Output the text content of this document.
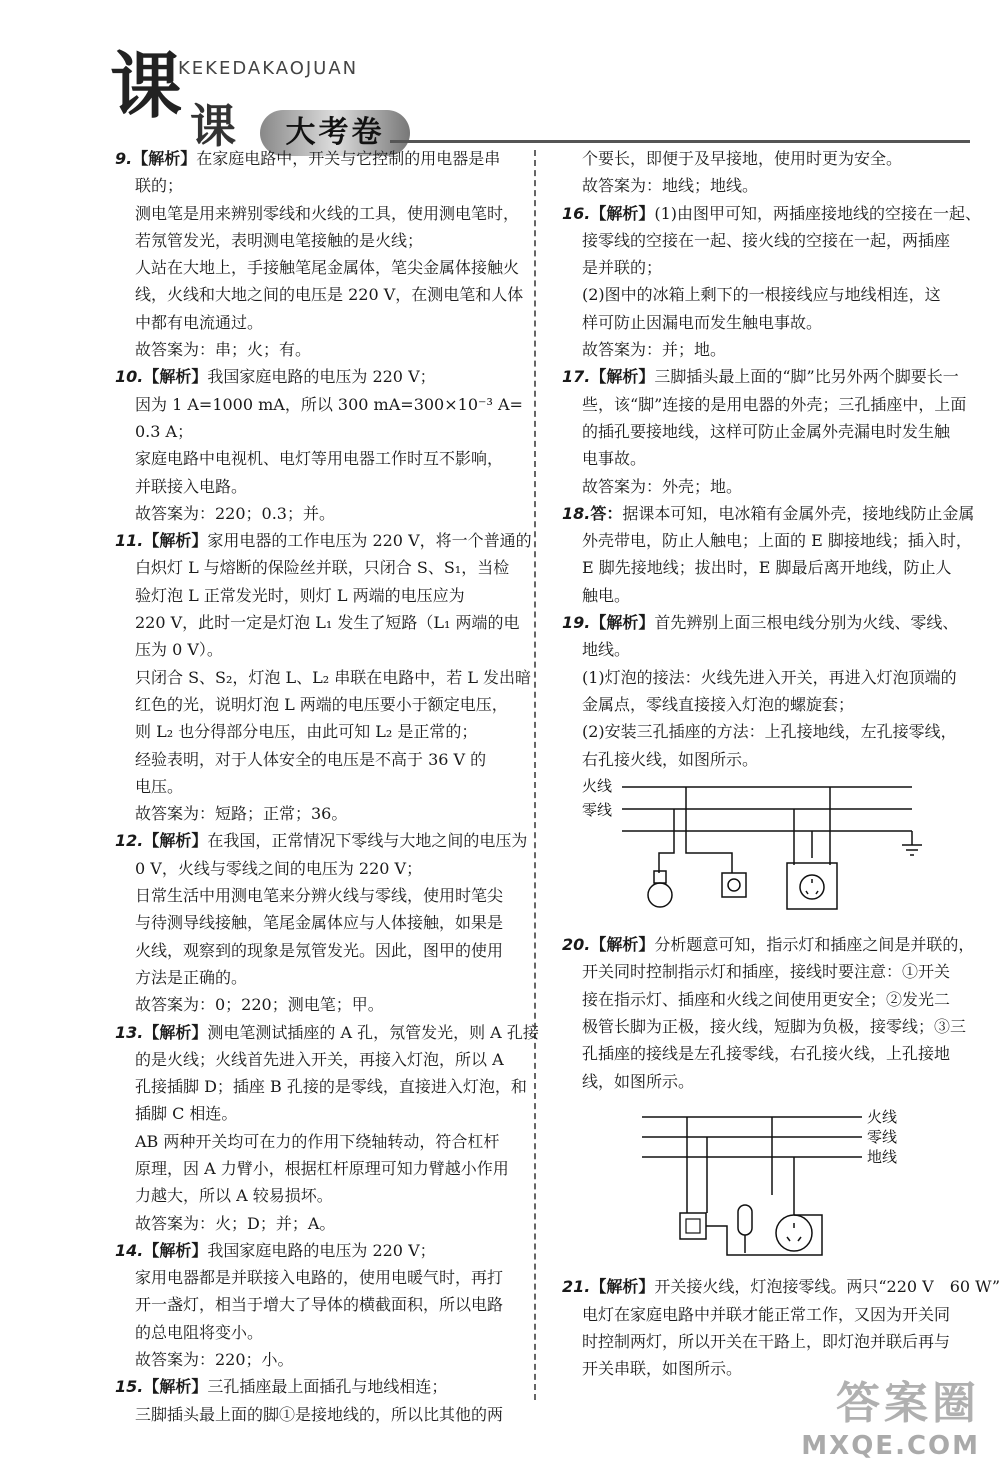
课
KEKEDAKAOJUAN
课	大考卷
9.【解析】在家庭电路中，开关与它控制的用电器是串
联的；
测电笔是用来辨别零线和火线的工具，使用测电笔时，
若氖管发光，表明测电笔接触的是火线；
人站在大地上，手接触笔尾金属体，笔尖金属体接触火
线，火线和大地之间的电压是 220 V，在测电笔和人体
中都有电流通过。
故答案为：串；火；有。
10.【解析】我国家庭电路的电压为 220 V；
因为 1 A=1000 mA，所以 300 mA=300×10⁻³ A=
0.3 A；
家庭电路中电视机、电灯等用电器工作时互不影响，
并联接入电路。
故答案为：220；0.3；并。
11.【解析】家用电器的工作电压为 220 V，将一个普通的
白炽灯 L 与熔断的保险丝并联，只闭合 S、S₁，当检
验灯泡 L 正常发光时，则灯 L 两端的电压应为
220 V，此时一定是灯泡 L₁ 发生了短路（L₁ 两端的电
压为 0 V）。
只闭合 S、S₂，灯泡 L、L₂ 串联在电路中，若 L 发出暗
红色的光，说明灯泡 L 两端的电压要小于额定电压，
则 L₂ 也分得部分电压，由此可知 L₂ 是正常的；
经验表明，对于人体安全的电压是不高于 36 V 的
电压。
故答案为：短路；正常；36。
12.【解析】在我国，正常情况下零线与大地之间的电压为
0 V，火线与零线之间的电压为 220 V；
日常生活中用测电笔来分辨火线与零线，使用时笔尖
与待测导线接触，笔尾金属体应与人体接触，如果是
火线，观察到的现象是氖管发光。因此，图甲的使用
方法是正确的。
故答案为：0；220；测电笔；甲。
13.【解析】测电笔测试插座的 A 孔，氖管发光，则 A 孔接
的是火线；火线首先进入开关，再接入灯泡，所以 A
孔接插脚 D；插座 B 孔接的是零线，直接进入灯泡，和
插脚 C 相连。
AB 两种开关均可在力的作用下绕轴转动，符合杠杆
原理，因 A 力臂小，根据杠杆原理可知力臂越小作用
力越大，所以 A 较易损坏。
故答案为：火；D；并；A。
14.【解析】我国家庭电路的电压为 220 V；
家用电器都是并联接入电路的，使用电暖气时，再打
开一盏灯，相当于增大了导体的横截面积，所以电路
的总电阻将变小。
故答案为：220；小。
15.【解析】三孔插座最上面插孔与地线相连；
三脚插头最上面的脚①是接地线的，所以比其他的两
个要长，即便于及早接地，使用时更为安全。
故答案为：地线；地线。
16.【解析】(1)由图甲可知，两插座接地线的空接在一起、
接零线的空接在一起、接火线的空接在一起，两插座
是并联的；
(2)图中的冰箱上剩下的一根接线应与地线相连，这
样可防止因漏电而发生触电事故。
故答案为：并；地。
17.【解析】三脚插头最上面的“脚”比另外两个脚要长一
些，该“脚”连接的是用电器的外壳；三孔插座中，上面
的插孔要接地线，这样可防止金属外壳漏电时发生触
电事故。
故答案为：外壳；地。
18.答：据课本可知，电冰箱有金属外壳，接地线防止金属
外壳带电，防止人触电；上面的 E 脚接地线；插入时，
E 脚先接地线；拔出时，E 脚最后离开地线，防止人
触电。
19.【解析】首先辨别上面三根电线分别为火线、零线、
地线。
(1)灯泡的接法：火线先进入开关，再进入灯泡顶端的
金属点，零线直接接入灯泡的螺旋套；
(2)安装三孔插座的方法：上孔接地线，左孔接零线，
右孔接火线，如图所示。
火线
零线
20.【解析】分析题意可知，指示灯和插座之间是并联的，
开关同时控制指示灯和插座，接线时要注意：①开关
接在指示灯、插座和火线之间使用更安全；②发光二
极管长脚为正极，接火线，短脚为负极，接零线；③三
孔插座的接线是左孔接零线，右孔接火线，上孔接地
线，如图所示。
火线
零线
地线
21.【解析】开关接火线，灯泡接零线。两只“220 V　60 W”
电灯在家庭电路中并联才能正常工作，又因为开关同
时控制两灯，所以开关在干路上，即灯泡并联后再与
开关串联，如图所示。
答案圈
MXQE.COM
